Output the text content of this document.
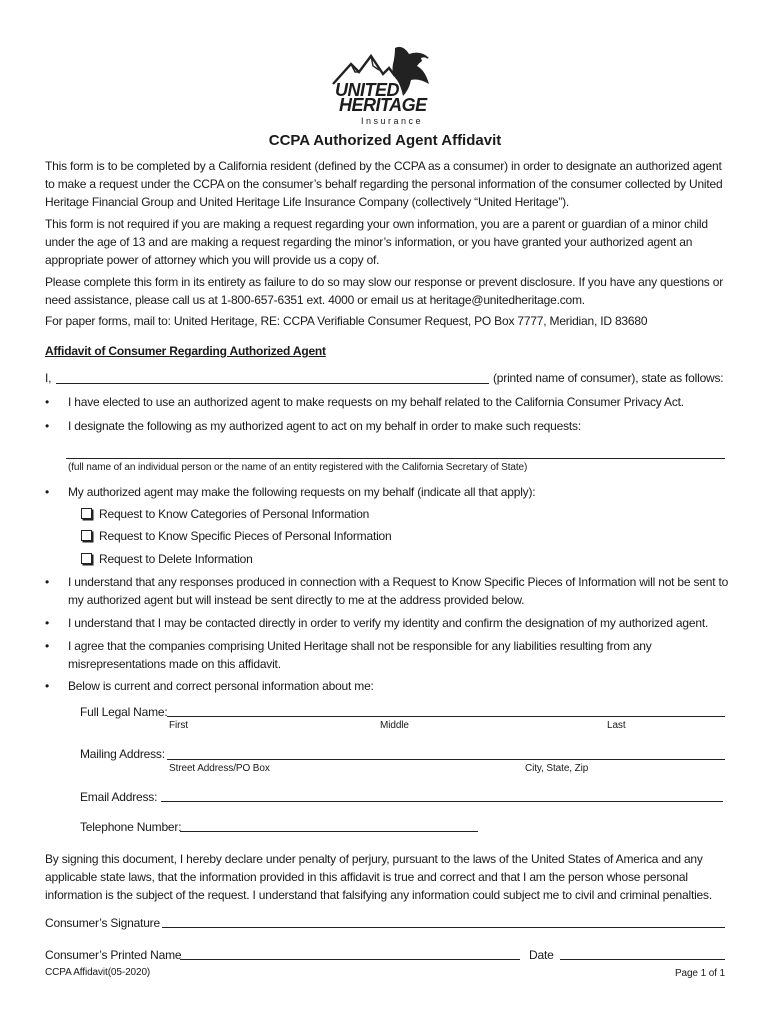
UNITED
HERITAGE
I n s u r a n c e
CCPA Authorized Agent Affidavit
This form is to be completed by a California resident (defined by the CCPA as a consumer) in order to designate an authorized agent to make a request under the CCPA on the consumer’s behalf regarding the personal information of the consumer collected by United Heritage Financial Group and United Heritage Life Insurance Company (collectively “United Heritage”).
This form is not required if you are making a request regarding your own information, you are a parent or guardian of a minor child under the age of 13 and are making a request regarding the minor’s information, or you have granted your authorized agent an appropriate power of attorney which you will provide us a copy of.
Please complete this form in its entirety as failure to do so may slow our response or prevent disclosure. If you have any questions or need assistance, please call us at 1-800-657-6351 ext. 4000 or email us at heritage@unitedheritage.com.
For paper forms, mail to: United Heritage, RE: CCPA Verifiable Consumer Request, PO Box 7777, Meridian, ID 83680
Affidavit of Consumer Regarding Authorized Agent
I,	(printed name of consumer), state as follows:
• I have elected to use an authorized agent to make requests on my behalf related to the California Consumer Privacy Act.
• I designate the following as my authorized agent to act on my behalf in order to make such requests:
(full name of an individual person or the name of an entity registered with the California Secretary of State)
• My authorized agent may make the following requests on my behalf (indicate all that apply):
Request to Know Categories of Personal Information
Request to Know Specific Pieces of Personal Information
Request to Delete Information
• I understand that any responses produced in connection with a Request to Know Specific Pieces of Information will not be sent to my authorized agent but will instead be sent directly to me at the address provided below.
• I understand that I may be contacted directly in order to verify my identity and confirm the designation of my authorized agent.
• I agree that the companies comprising United Heritage shall not be responsible for any liabilities resulting from any misrepresentations made on this affidavit.
• Below is current and correct personal information about me:
Full Legal Name:
First	Middle	Last
Mailing Address:
Street Address/PO Box	City, State, Zip
Email Address:
Telephone Number:
By signing this document, I hereby declare under penalty of perjury, pursuant to the laws of the United States of America and any applicable state laws, that the information provided in this affidavit is true and correct and that I am the person whose personal information is the subject of the request. I understand that falsifying any information could subject me to civil and criminal penalties.
Consumer’s Signature
Consumer’s Printed Name	Date
CCPA Affidavit(05-2020)	Page 1 of 1
